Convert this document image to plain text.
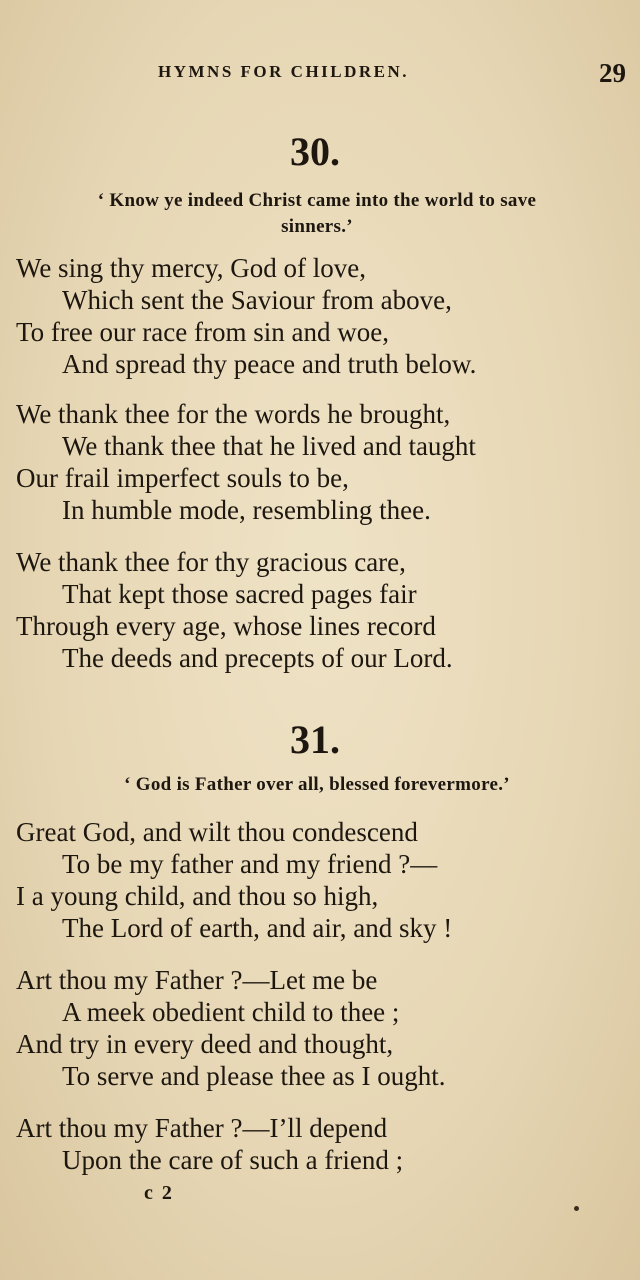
HYMNS FOR CHILDREN.	29
30.
‘ Know ye indeed Christ came into the world to save
sinners.’
We sing thy mercy, God of love,
Which sent the Saviour from above,
To free our race from sin and woe,
And spread thy peace and truth below.
We thank thee for the words he brought,
We thank thee that he lived and taught
Our frail imperfect souls to be,
In humble mode, resembling thee.
We thank thee for thy gracious care,
That kept those sacred pages fair
Through every age, whose lines record
The deeds and precepts of our Lord.
31.
‘ God is Father over all, blessed forevermore.’
Great God, and wilt thou condescend
To be my father and my friend ?—
I a young child, and thou so high,
The Lord of earth, and air, and sky !
Art thou my Father ?—Let me be
A meek obedient child to thee ;
And try in every deed and thought,
To serve and please thee as I ought.
Art thou my Father ?—I’ll depend
Upon the care of such a friend ;
c 2
